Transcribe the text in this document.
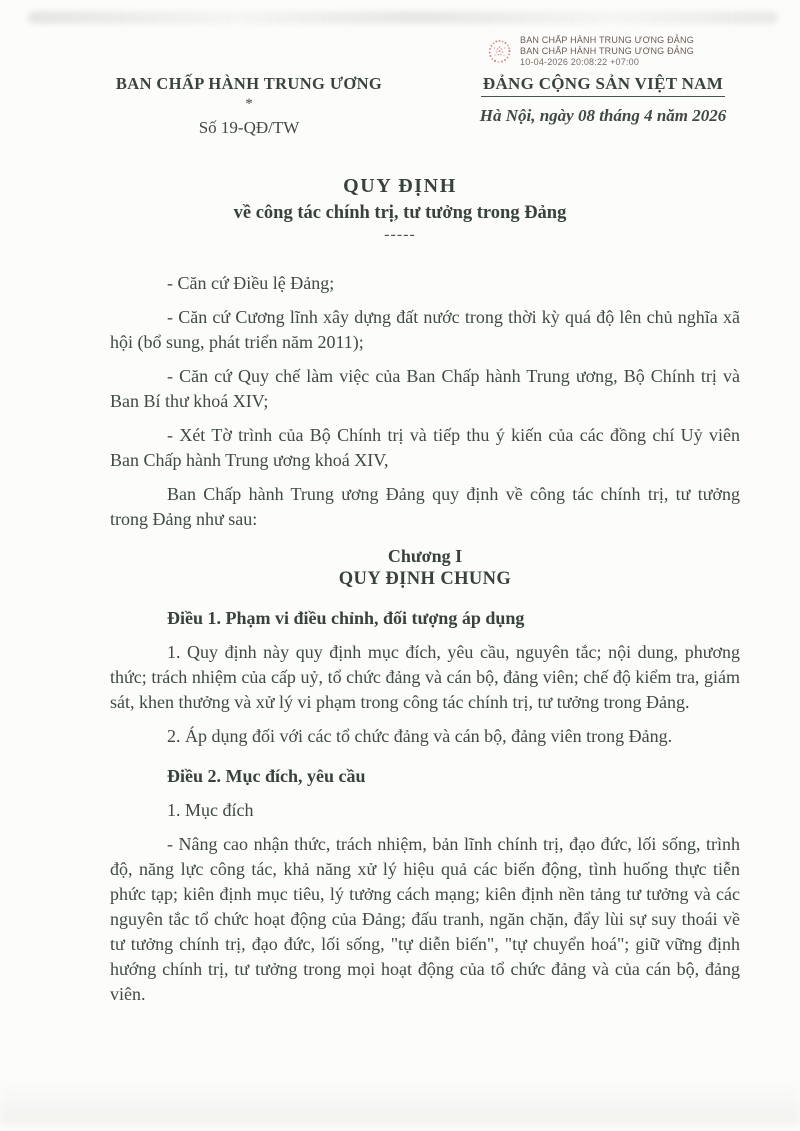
BAN CHẤP HÀNH TRUNG ƯƠNG ĐẢNG
BAN CHẤP HÀNH TRUNG ƯƠNG ĐẢNG
10-04-2026 20:08:22 +07:00
BAN CHẤP HÀNH TRUNG ƯƠNG
*
Số 19-QĐ/TW
ĐẢNG CỘNG SẢN VIỆT NAM
Hà Nội, ngày 08 tháng 4 năm 2026
QUY ĐỊNH
về công tác chính trị, tư tưởng trong Đảng
-----

- Căn cứ Điều lệ Đảng;

- Căn cứ Cương lĩnh xây dựng đất nước trong thời kỳ quá độ lên chủ nghĩa xã hội (bổ sung, phát triển năm 2011);

- Căn cứ Quy chế làm việc của Ban Chấp hành Trung ương, Bộ Chính trị và Ban Bí thư khoá XIV;

- Xét Tờ trình của Bộ Chính trị và tiếp thu ý kiến của các đồng chí Uỷ viên Ban Chấp hành Trung ương khoá XIV,

Ban Chấp hành Trung ương Đảng quy định về công tác chính trị, tư tưởng trong Đảng như sau:

Chương I
QUY ĐỊNH CHUNG

Điều 1. Phạm vi điều chỉnh, đối tượng áp dụng

1. Quy định này quy định mục đích, yêu cầu, nguyên tắc; nội dung, phương thức; trách nhiệm của cấp uỷ, tổ chức đảng và cán bộ, đảng viên; chế độ kiểm tra, giám sát, khen thưởng và xử lý vi phạm trong công tác chính trị, tư tưởng trong Đảng.

2. Áp dụng đối với các tổ chức đảng và cán bộ, đảng viên trong Đảng.

Điều 2. Mục đích, yêu cầu

1. Mục đích

- Nâng cao nhận thức, trách nhiệm, bản lĩnh chính trị, đạo đức, lối sống, trình độ, năng lực công tác, khả năng xử lý hiệu quả các biến động, tình huống thực tiễn phức tạp; kiên định mục tiêu, lý tưởng cách mạng; kiên định nền tảng tư tưởng và các nguyên tắc tổ chức hoạt động của Đảng; đấu tranh, ngăn chặn, đẩy lùi sự suy thoái về tư tưởng chính trị, đạo đức, lối sống, "tự diễn biến", "tự chuyển hoá"; giữ vững định hướng chính trị, tư tưởng trong mọi hoạt động của tổ chức đảng và của cán bộ, đảng viên.
